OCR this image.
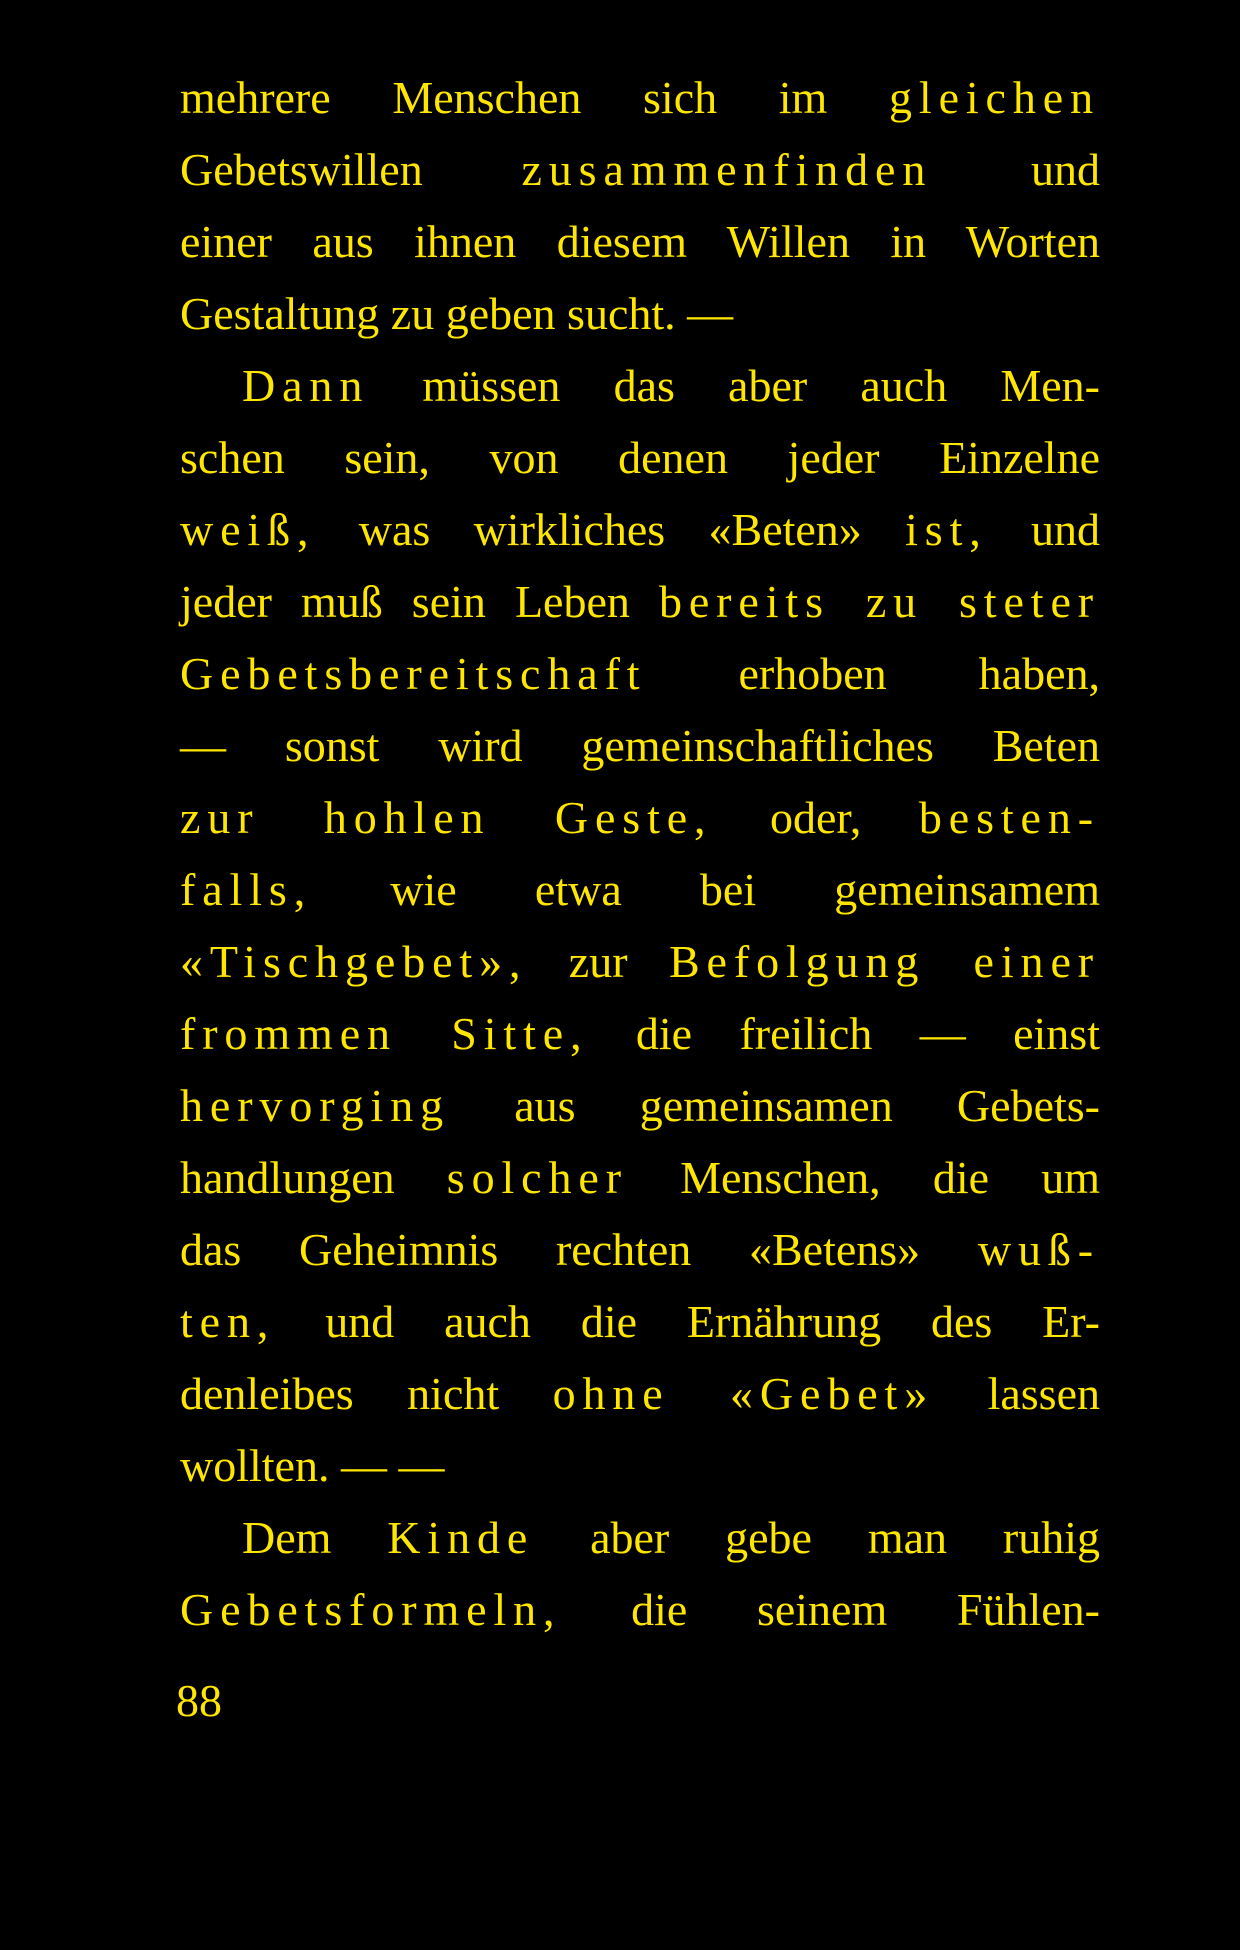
mehrere Menschen sich im gleichen
Gebetswillen zusammenfinden und
einer aus ihnen diesem Willen in Worten
Gestaltung zu geben sucht. —
Dann müssen das aber auch Men-
schen sein, von denen jeder Einzelne
weiß, was wirkliches «Beten» ist, und
jeder muß sein Leben bereits zu steter
Gebetsbereitschaft erhoben haben,
— sonst wird gemeinschaftliches Beten
zur hohlen Geste, oder, besten-
falls, wie etwa bei gemeinsamem
«Tischgebet», zur Befolgung einer
frommen Sitte, die freilich — einst
hervorging aus gemeinsamen Gebets-
handlungen solcher Menschen, die um
das Geheimnis rechten «Betens» wuß-
ten, und auch die Ernährung des Er-
denleibes nicht ohne «Gebet» lassen
wollten. — —
Dem Kinde aber gebe man ruhig
Gebetsformeln, die seinem Fühlen-
88
